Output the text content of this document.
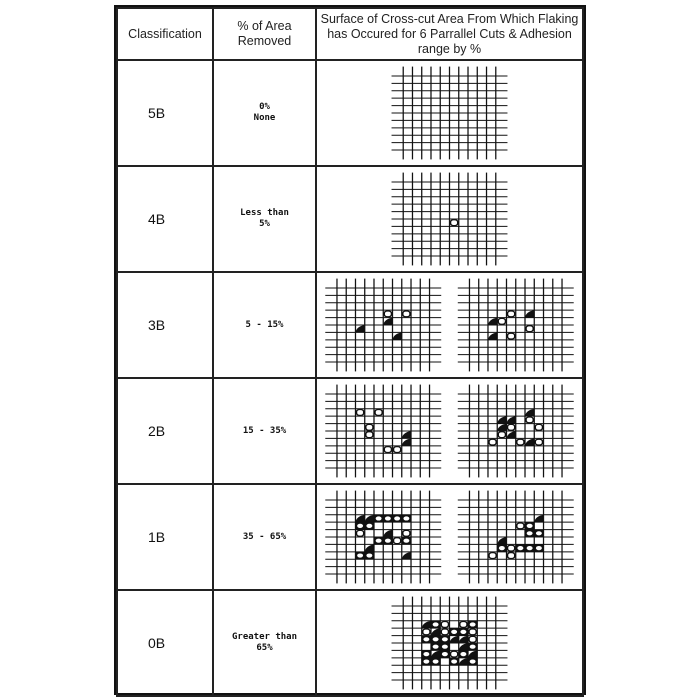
Classification	% of Area Removed	Surface of Cross-cut Area From Which Flaking has Occured for 6 Parrallel Cuts & Adhesion range by %
5B	0%
None

4B	Less than
5%

3B	5 - 15%

2B	15 - 35%

1B	35 - 65%

0B	Greater than
65%
